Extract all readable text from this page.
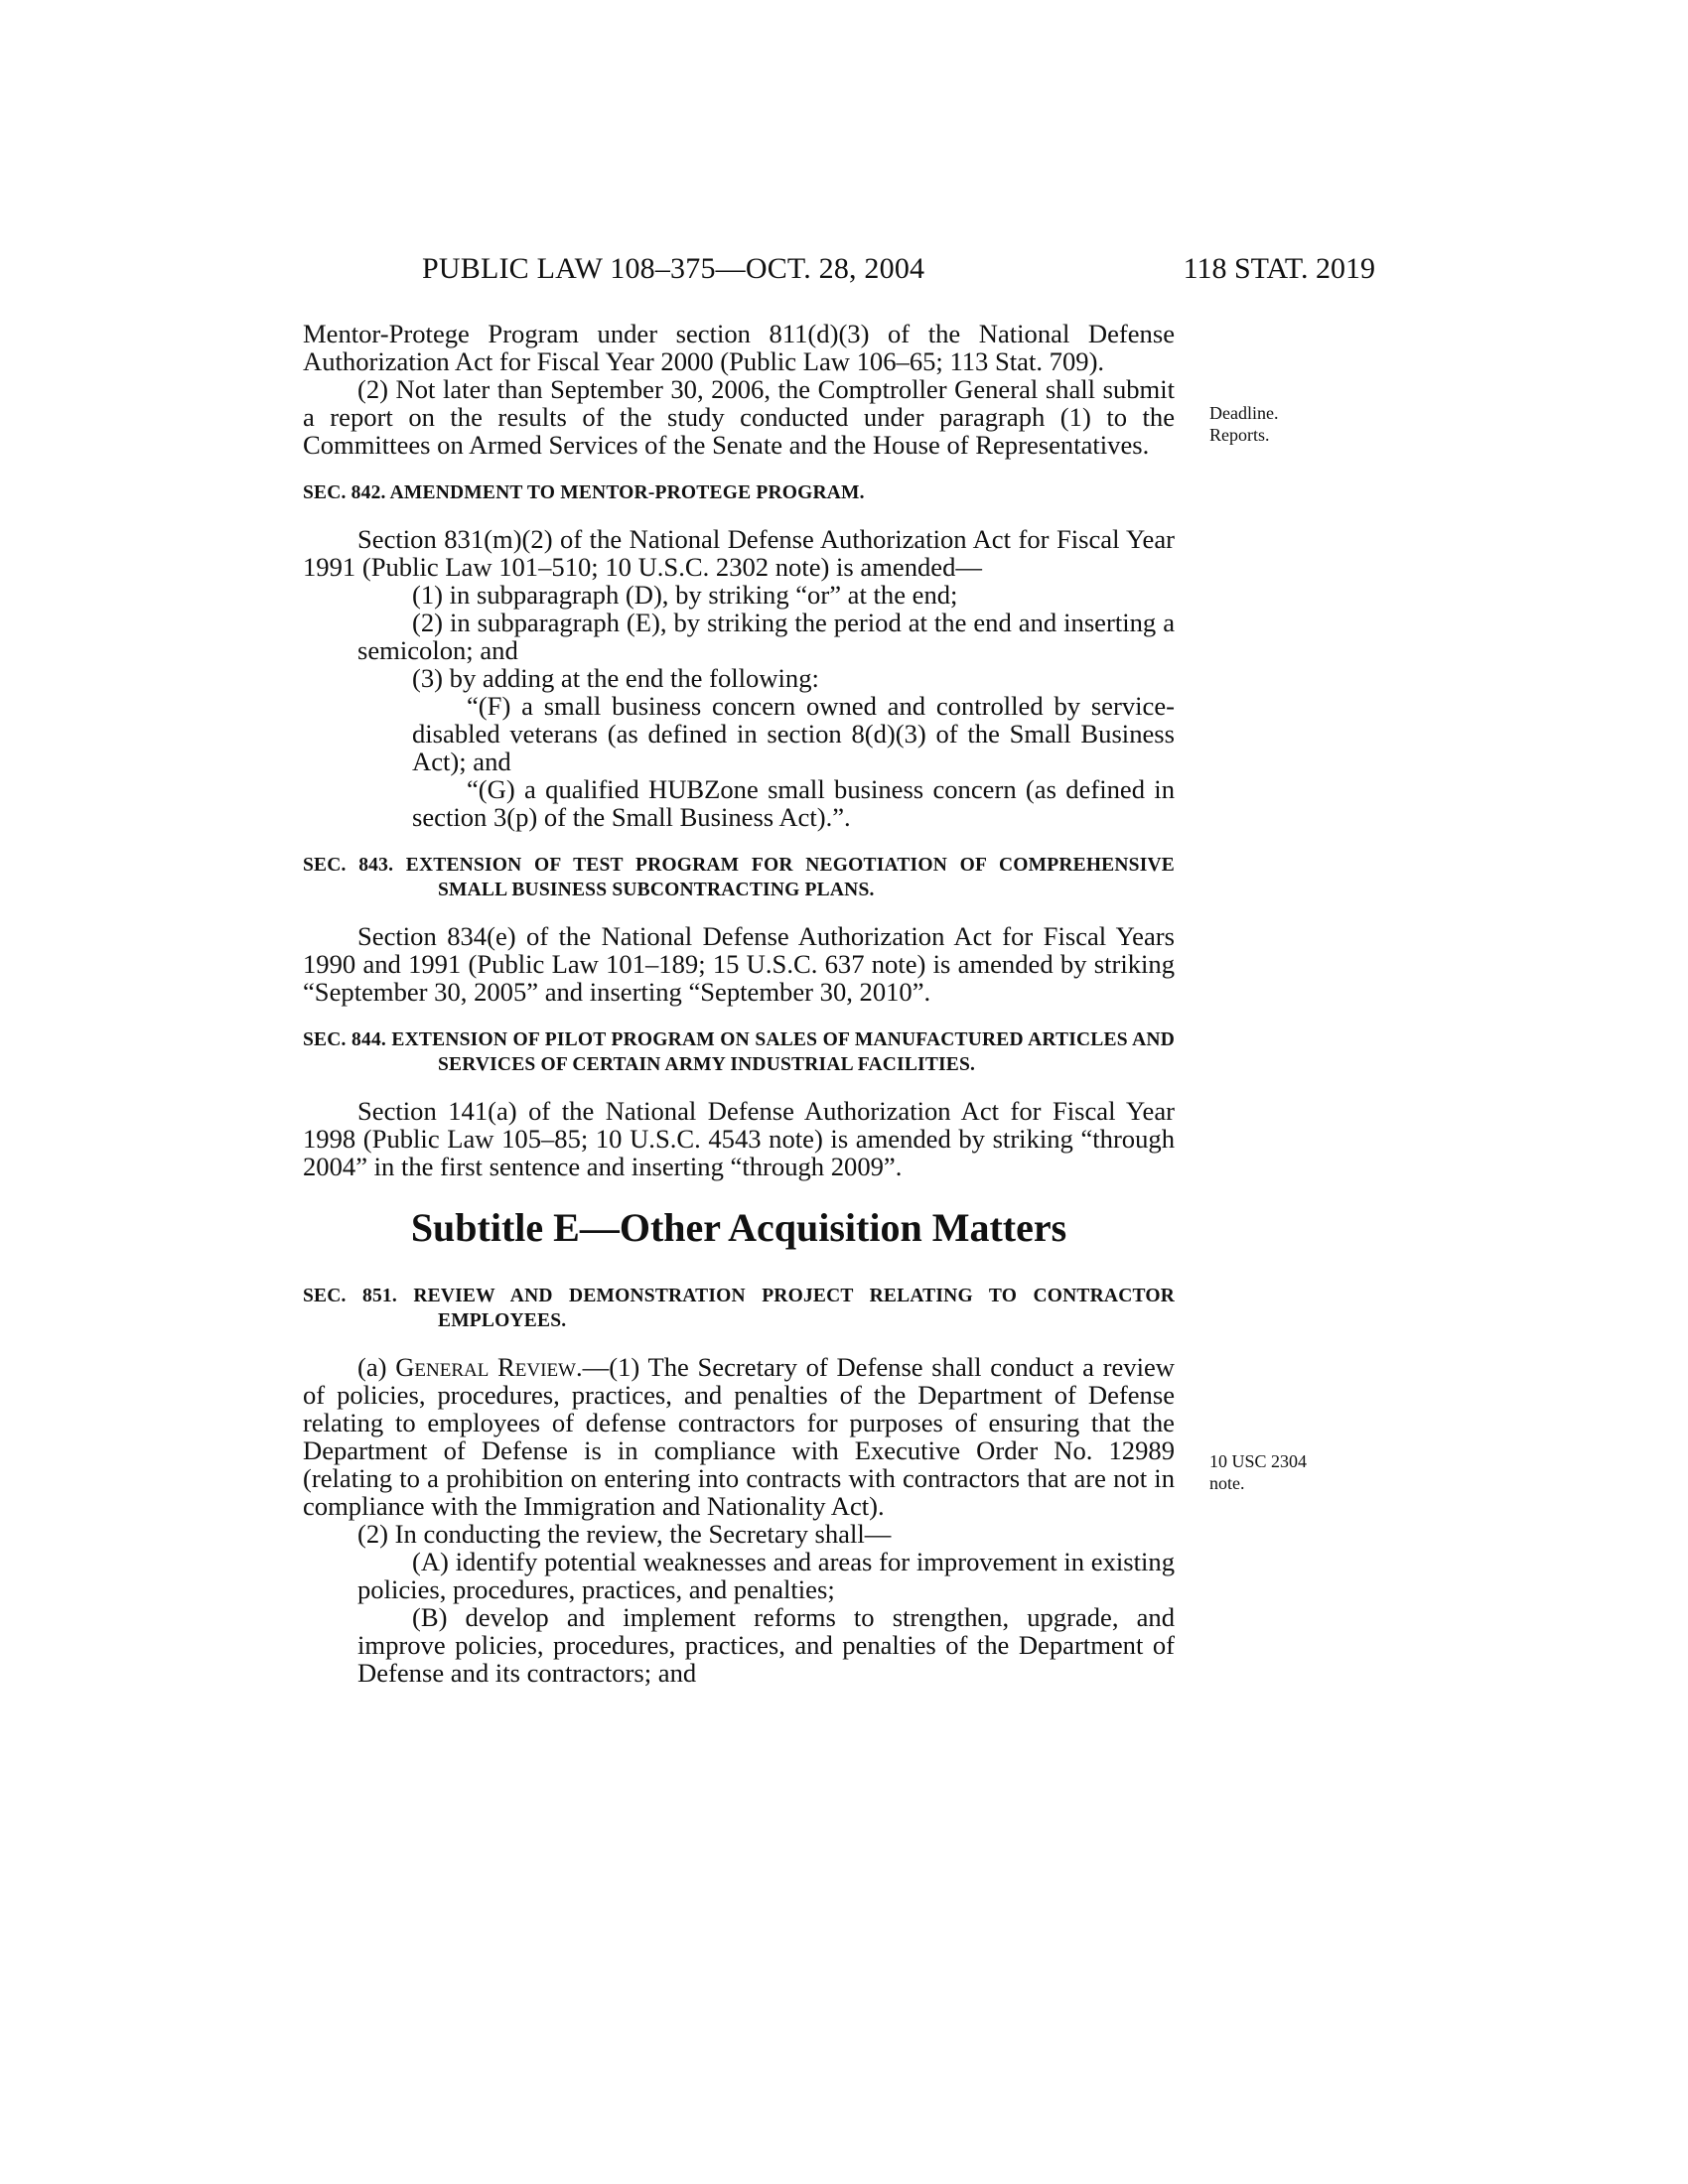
PUBLIC LAW 108–375—OCT. 28, 2004	118 STAT. 2019
Deadline.
Reports.
10 USC 2304
note.

Mentor-Protege Program under section 811(d)(3) of the National Defense Authorization Act for Fiscal Year 2000 (Public Law 106–65; 113 Stat. 709).

(2) Not later than September 30, 2006, the Comptroller General shall submit a report on the results of the study conducted under paragraph (1) to the Committees on Armed Services of the Senate and the House of Representatives.

SEC. 842. AMENDMENT TO MENTOR-PROTEGE PROGRAM.

Section 831(m)(2) of the National Defense Authorization Act for Fiscal Year 1991 (Public Law 101–510; 10 U.S.C. 2302 note) is amended—

(1) in subparagraph (D), by striking “or” at the end;

(2) in subparagraph (E), by striking the period at the end and inserting a semicolon; and

(3) by adding at the end the following:

“(F) a small business concern owned and controlled by service-disabled veterans (as defined in section 8(d)(3) of the Small Business Act); and

“(G) a qualified HUBZone small business concern (as defined in section 3(p) of the Small Business Act).”.

SEC. 843. EXTENSION OF TEST PROGRAM FOR NEGOTIATION OF COMPREHENSIVE SMALL BUSINESS SUBCONTRACTING PLANS.

Section 834(e) of the National Defense Authorization Act for Fiscal Years 1990 and 1991 (Public Law 101–189; 15 U.S.C. 637 note) is amended by striking “September 30, 2005” and inserting “September 30, 2010”.

SEC. 844. EXTENSION OF PILOT PROGRAM ON SALES OF MANUFACTURED ARTICLES AND SERVICES OF CERTAIN ARMY INDUSTRIAL FACILITIES.

Section 141(a) of the National Defense Authorization Act for Fiscal Year 1998 (Public Law 105–85; 10 U.S.C. 4543 note) is amended by striking “through 2004” in the first sentence and inserting “through 2009”.

Subtitle E—Other Acquisition Matters
SEC. 851. REVIEW AND DEMONSTRATION PROJECT RELATING TO CONTRACTOR EMPLOYEES.

(a) General Review.—(1) The Secretary of Defense shall conduct a review of policies, procedures, practices, and penalties of the Department of Defense relating to employees of defense contractors for purposes of ensuring that the Department of Defense is in compliance with Executive Order No. 12989 (relating to a prohibition on entering into contracts with contractors that are not in compliance with the Immigration and Nationality Act).

(2) In conducting the review, the Secretary shall—

(A) identify potential weaknesses and areas for improvement in existing policies, procedures, practices, and penalties;

(B) develop and implement reforms to strengthen, upgrade, and improve policies, procedures, practices, and penalties of the Department of Defense and its contractors; and
